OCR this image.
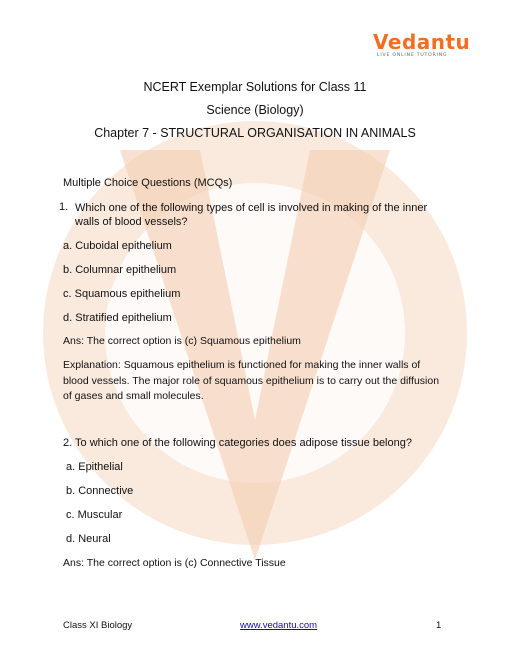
Vedantu
LIVE ONLINE TUTORING
NCERT Exemplar Solutions for Class 11
Science (Biology)
Chapter 7 - STRUCTURAL ORGANISATION IN ANIMALS
Multiple Choice Questions (MCQs)
1. Which one of the following types of cell is involved in making of the inner
walls of blood vessels?
a. Cuboidal epithelium
b. Columnar epithelium
c. Squamous epithelium
d. Stratified epithelium
Ans: The correct option is (c) Squamous epithelium
Explanation: Squamous epithelium is functioned for making the inner walls of
blood vessels. The major role of squamous epithelium is to carry out the diffusion
of gases and small molecules.
2. To which one of the following categories does adipose tissue belong?
a. Epithelial
b. Connective
c. Muscular
d. Neural
Ans: The correct option is (c) Connective Tissue
Class XI Biology	www.vedantu.com	1
